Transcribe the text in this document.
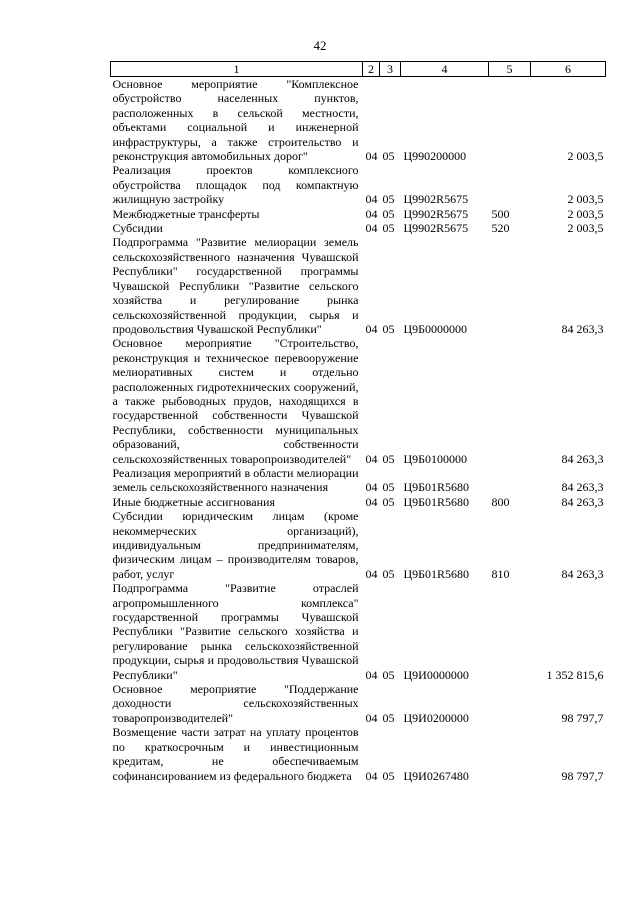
42
1	2	3	4	5	6
Основное мероприятие "Комплексное обустройство населенных пунктов, расположенных в сельской местности, объектами социальной и инженерной инфраструктуры, а также строительство и реконструкция автомобильных дорог"	04	05	Ц990200000		2 003,5
Реализация проектов комплексного обустройства площадок под компактную жилищную застройку	04	05	Ц9902R5675		2 003,5
Межбюджетные трансферты	04	05	Ц9902R5675	500	2 003,5
Субсидии	04	05	Ц9902R5675	520	2 003,5
Подпрограмма "Развитие мелиорации земель сельскохозяйственного назначения Чувашской Республики" государственной программы Чувашской Республики "Развитие сельского хозяйства и регулирование рынка сельскохозяйственной продукции, сырья и продовольствия Чувашской Республики"	04	05	Ц9Б0000000		84 263,3
Основное мероприятие "Строительство, реконструкция и техническое перевооружение мелиоративных систем и отдельно расположенных гидротехнических сооружений, а также рыбоводных прудов, находящихся в государственной собственности Чувашской Республики, собственности муниципальных образований, собственности сельскохозяйственных товаропроизводителей"	04	05	Ц9Б0100000		84 263,3
Реализация мероприятий в области мелиорации земель сельскохозяйственного назначения	04	05	Ц9Б01R5680		84 263,3
Иные бюджетные ассигнования	04	05	Ц9Б01R5680	800	84 263,3
Субсидии юридическим лицам (кроме некоммерческих организаций), индивидуальным предпринимателям, физическим лицам – производителям товаров, работ, услуг	04	05	Ц9Б01R5680	810	84 263,3
Подпрограмма "Развитие отраслей агропромышленного комплекса" государственной программы Чувашской Республики "Развитие сельского хозяйства и регулирование рынка сельскохозяйственной продукции, сырья и продовольствия Чувашской Республики"	04	05	Ц9И0000000		1 352 815,6
Основное мероприятие "Поддержание доходности сельскохозяйственных товаропроизводителей"	04	05	Ц9И0200000		98 797,7
Возмещение части затрат на уплату процентов по краткосрочным и инвестиционным кредитам, не обеспечиваемым софинансированием из федерального бюджета	04	05	Ц9И0267480		98 797,7
